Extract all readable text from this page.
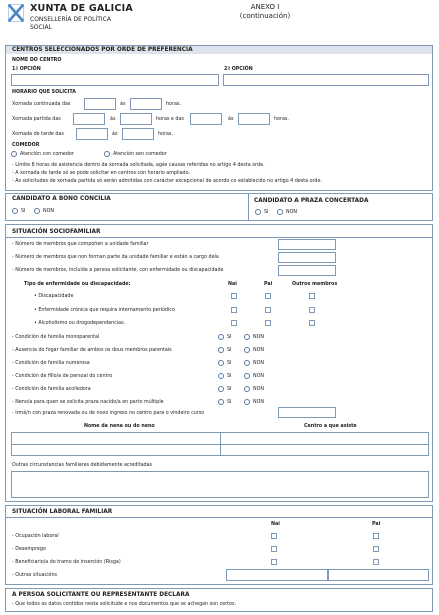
XUNTA DE GALICIA
CONSELLERÍA DE POLÍTICA
SOCIAL
ANEXO I
(continuación)
CENTROS SELECCIONADOS POR ORDE DE PREFERENCIA
NOME DO CENTRO
1ª OPCIÓN	2ª OPCIÓN
HORARIO QUE SOLICITA
Xornada continuada das	ás	horas.
Xornada partida das	ás	horas e das	ás	horas.
Xornada de tarde das	ás	horas.
COMEDOR
Atención con comedor	Atención sen comedor
- Límite 8 horas de asistencia dentro da xornada solicitada, agás causas referidas no artigo 4 desta orde.
- A xornada de tarde só se pode solicitar en centros con horario ampliado.
- As solicitudes de xornada partida só serán admitidas con carácter excepcional de acordo co establecido no artigo 4 desta orde.
CANDIDATO A BONO CONCILIA
SI	NON
CANDIDATO A PRAZA CONCERTADA
SI	NON
SITUACIÓN SOCIOFAMILIAR
- Número de membros que compoñen a unidade familiar
- Número de membros que non forman parte da unidade familiar e están a cargo dela
- Número de membros, incluída a persoa solicitante, con enfermidade ou discapacidade
Tipo de enfermidade ou discapacidade:	Nai	Pai	Outros membros
• Discapacidade
• Enfermidade crónica que requira internamento periódico
• Alcoholismo ou drogodependencias.
- Condición de familia monoparental	SI	NON
- Ausencia do fogar familiar de ambos os dous membros parentais	SI	NON
- Condición de familia numerosa	SI	NON
- Condición de fillo/a de persoal do centro	SI	NON
- Condición de familia acolledora	SI	NON
- Neno/a para quen se solicita praza nacido/a en parto múltiple	SI	NON
- Irmá/n con praza renovada ou de novo ingreso no centro para o vindeiro curso
Nome da nena ou do neno	Centro a que asiste
Outras circunstancias familiares debidamente acreditadas
SITUACIÓN LABORAL FAMILIAR
Nai	Pai
- Ocupación laboral
- Desemprego
- Beneficiario/a do tramo de inserción (Risga)
- Outras situacións
A PERSOA SOLICITANTE OU REPRESENTANTE DECLARA
- Que todos os datos contidos nesta solicitude e nos documentos que se achegan son certos.
